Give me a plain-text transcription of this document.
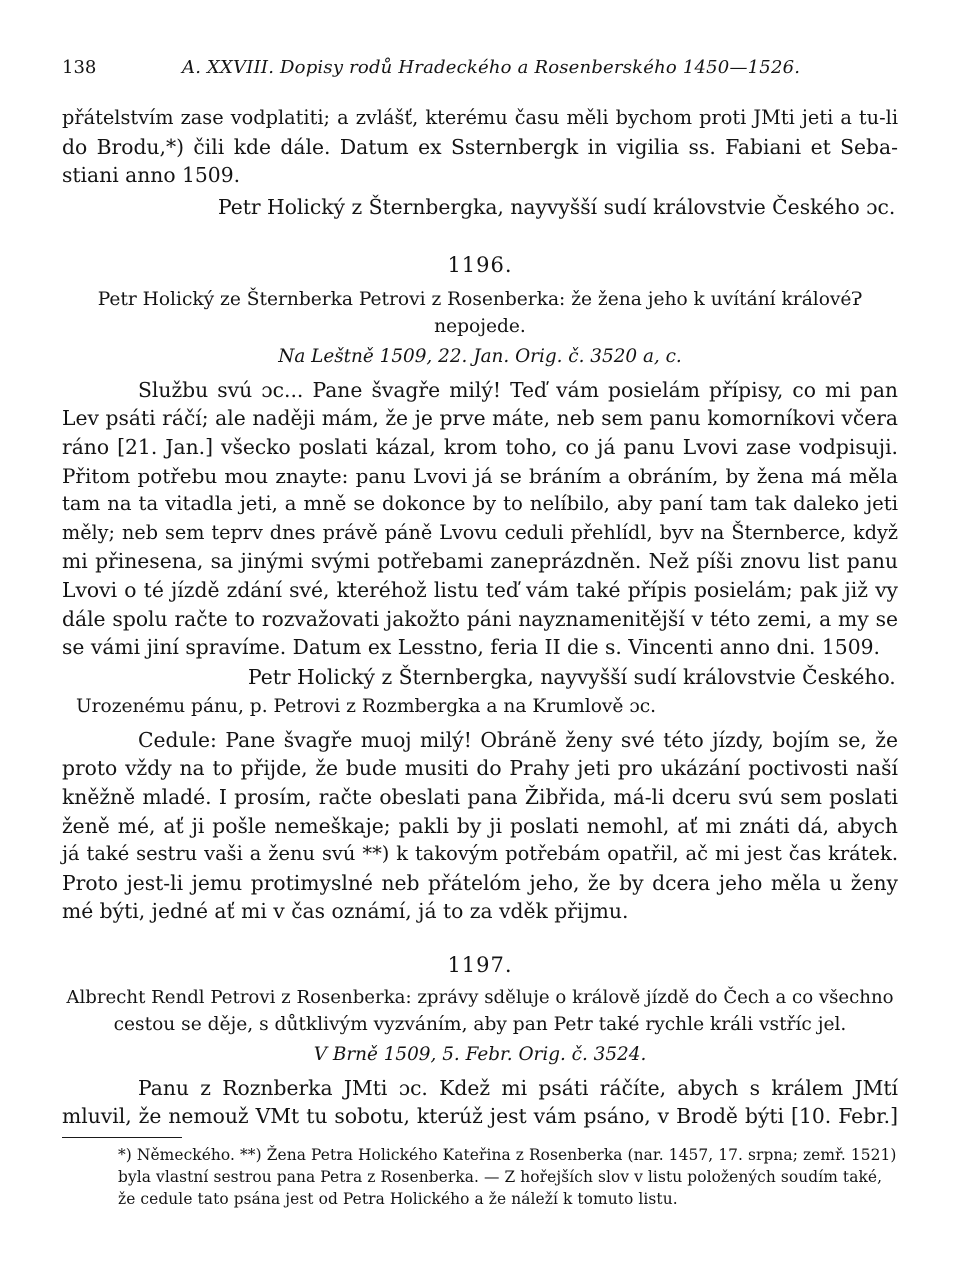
138	A. XXVIII. Dopisy rodů Hradeckého a Rosenberského 1450—1526.
přátelstvím zase vodplatiti; a zvlášť, kterému času měli bychom proti JMti jeti a tu-li
do Brodu,*) čili kde dále. Datum ex Ssternbergk in vigilia ss. Fabiani et Seba-
stiani anno 1509.

Petr Holický z Šternbergka, nayvyšší sudí královstvie Českého ɔc.

1196.

Petr Holický ze Šternberka Petrovi z Rosenberka: že žena jeho k uvítání královéɁ nepojede.

Na Leštně 1509, 22. Jan. Orig. č. 3520 a, c.

Službu svú ɔc... Pane švagře milý! Teď vám posielám přípisy, co mi pan
Lev psáti ráčí; ale naději mám, že je prve máte, neb sem panu komorníkovi včera
ráno [21. Jan.] všecko poslati kázal, krom toho, co já panu Lvovi zase vodpisuji.
Přitom potřebu mou znayte: panu Lvovi já se bráním a obráním, by žena má měla
tam na ta vitadla jeti, a mně se dokonce by to nelíbilo, aby paní tam tak daleko jeti
měly; neb sem teprv dnes právě páně Lvovu ceduli přehlídl, byv na Šternberce, když
mi přinesena, sa jinými svými potřebami zaneprázdněn. Než píši znovu list panu
Lvovi o té jízdě zdání své, kteréhož listu teď vám také přípis posielám; pak již vy
dále spolu račte to rozvažovati jakožto páni nayznamenitější v této zemi, a my se
se vámi jiní spravíme. Datum ex Lesstno, feria II die s. Vincenti anno dni. 1509.

Petr Holický z Šternbergka, nayvyšší sudí královstvie Českého.

Urozenému pánu, p. Petrovi z Rozmbergka a na Krumlově ɔc.

Cedule: Pane švagře muoj milý! Obráně ženy své této jízdy, bojím se, že
proto vždy na to přijde, že bude musiti do Prahy jeti pro ukázání poctivosti naší
kněžně mladé. I prosím, račte obeslati pana Žibřida, má-li dceru svú sem poslati
ženě mé, ať ji pošle nemeškaje; pakli by ji poslati nemohl, ať mi znáti dá, abych
já také sestru vaši a ženu svú **) k takovým potřebám opatřil, ač mi jest čas krátek.
Proto jest-li jemu protimyslné neb přátelóm jeho, že by dcera jeho měla u ženy
mé býti, jedné ať mi v čas oznámí, já to za vděk přijmu.

1197.

Albrecht Rendl Petrovi z Rosenberka: zprávy sděluje o králově jízdě do Čech a co všechno
cestou se děje, s důtklivým vyzváním, aby pan Petr také rychle králi vstříc jel.

V Brně 1509, 5. Febr. Orig. č. 3524.

Panu z Roznberka JMti ɔc. Kdež mi psáti ráčíte, abych s králem JMtí
mluvil, že nemouž VMt tu sobotu, kterúž jest vám psáno, v Brodě býti [10. Febr.]
*) Německého. **) Žena Petra Holického Kateřina z Rosenberka (nar. 1457, 17. srpna; zemř. 1521)
byla vlastní sestrou pana Petra z Rosenberka. — Z hořejších slov v listu položených soudím také,
že cedule tato psána jest od Petra Holického a že náleží k tomuto listu.
